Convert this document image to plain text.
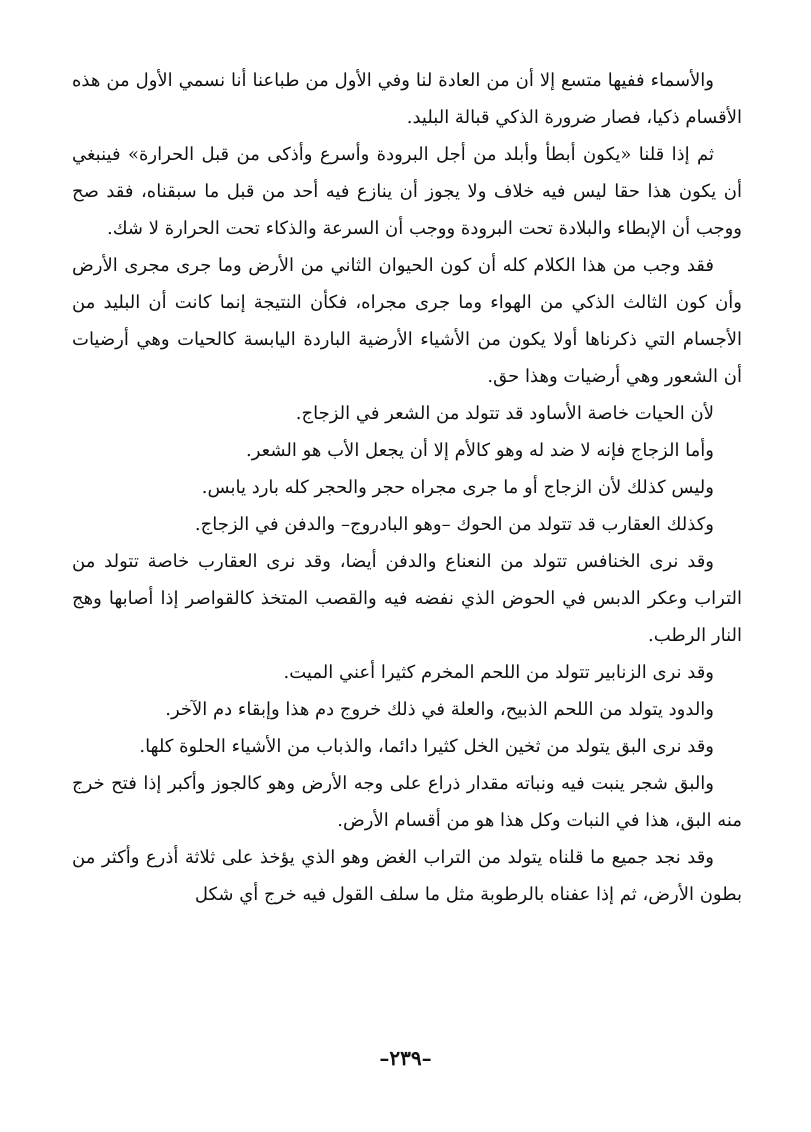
والأسماء ففيها متسع إلا أن من العادة لنا وفي الأول من طباعنا أنا نسمي الأول من هذه الأقسام ذكيا، فصار ضرورة الذكي قبالة البليد.

ثم إذا قلنا «يكون أبطأ وأبلد من أجل البرودة وأسرع وأذكى من قبل الحرارة» فينبغي أن يكون هذا حقا ليس فيه خلاف ولا يجوز أن ينازع فيه أحد من قبل ما سبقناه، فقد صح ووجب أن الإبطاء والبلادة تحت البرودة ووجب أن السرعة والذكاء تحت الحرارة لا شك.

فقد وجب من هذا الكلام كله أن كون الحيوان الثاني من الأرض وما جرى مجرى الأرض وأن كون الثالث الذكي من الهواء وما جرى مجراه، فكأن النتيجة إنما كانت أن البليد من الأجسام التي ذكرناها أولا يكون من الأشياء الأرضية الباردة اليابسة كالحيات وهي أرضيات أن الشعور وهي أرضيات وهذا حق.

لأن الحيات خاصة الأساود قد تتولد من الشعر في الزجاج.

وأما الزجاج فإنه لا ضد له وهو كالأم إلا أن يجعل الأب هو الشعر.

وليس كذلك لأن الزجاج أو ما جرى مجراه حجر والحجر كله بارد يابس.

وكذلك العقارب قد تتولد من الحوك –وهو البادروج– والدفن في الزجاج.

وقد نرى الخنافس تتولد من النعناع والدفن أيضا، وقد نرى العقارب خاصة تتولد من التراب وعكر الدبس في الحوض الذي نفضه فيه والقصب المتخذ كالقواصر إذا أصابها وهج النار الرطب.

وقد نرى الزنابير تتولد من اللحم المخرم كثيرا أعني الميت.

والدود يتولد من اللحم الذبيح، والعلة في ذلك خروج دم هذا وإبقاء دم الآخر.

وقد نرى البق يتولد من ثخين الخل كثيرا دائما، والذباب من الأشياء الحلوة كلها.

والبق شجر ينبت فيه ونباته مقدار ذراع على وجه الأرض وهو كالجوز وأكبر إذا فتح خرج منه البق، هذا في النبات وكل هذا هو من أقسام الأرض.

وقد نجد جميع ما قلناه يتولد من التراب الغض وهو الذي يؤخذ على ثلاثة أذرع وأكثر من بطون الأرض، ثم إذا عفناه بالرطوبة مثل ما سلف القول فيه خرج أي شكل

–٢٣٩–
